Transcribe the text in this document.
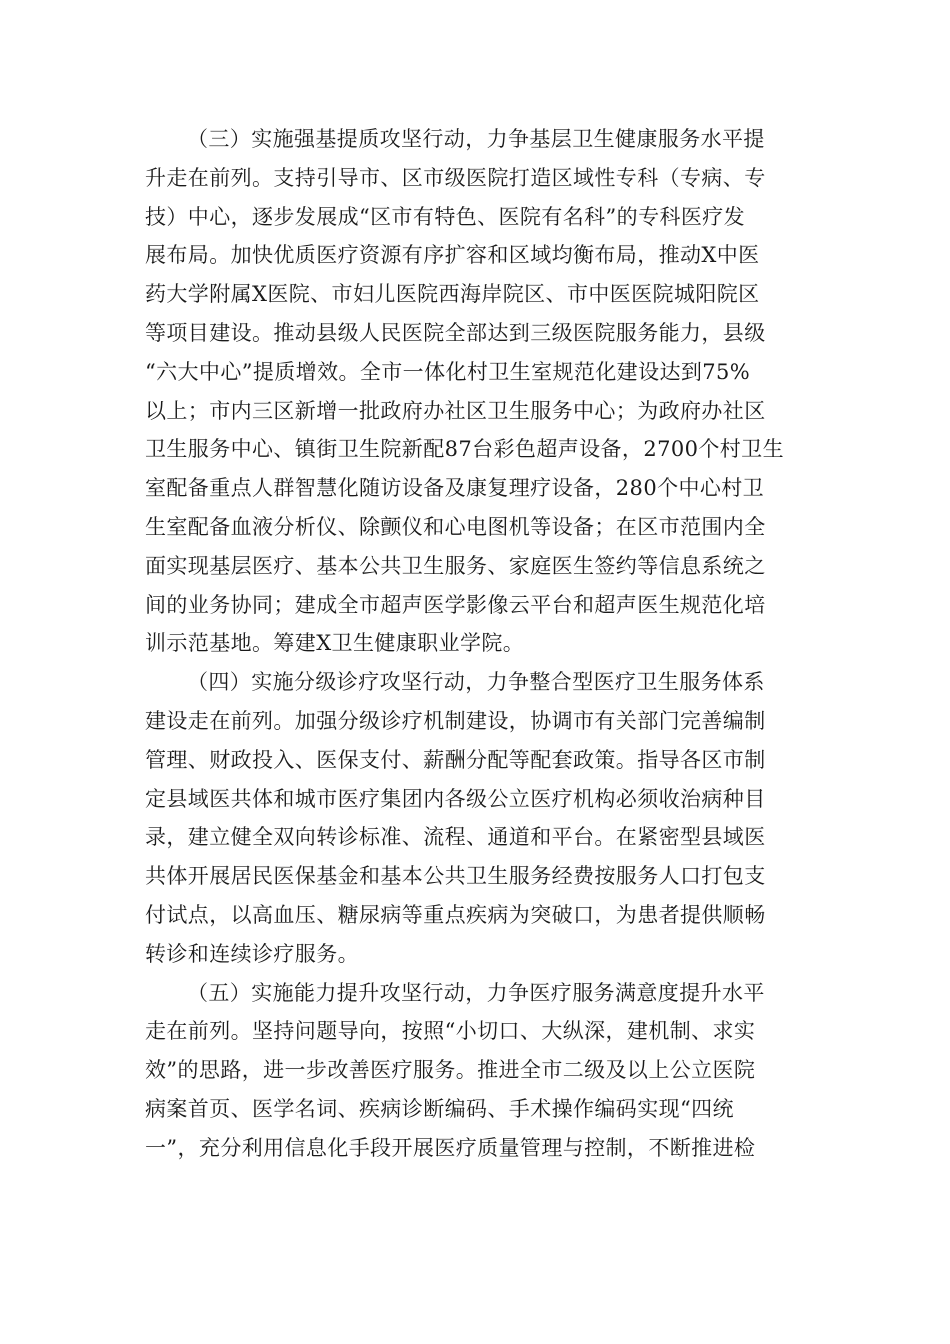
（三）实施强基提质攻坚行动，力争基层卫生健康服务水平提
升走在前列。支持引导市、区市级医院打造区域性专科（专病、专
技）中心，逐步发展成“区市有特色、医院有名科”的专科医疗发
展布局。加快优质医疗资源有序扩容和区域均衡布局，推动X中医
药大学附属X医院、市妇儿医院西海岸院区、市中医医院城阳院区
等项目建设。推动县级人民医院全部达到三级医院服务能力，县级
“六大中心”提质增效。全市一体化村卫生室规范化建设达到75%
以上；市内三区新增一批政府办社区卫生服务中心；为政府办社区
卫生服务中心、镇街卫生院新配87台彩色超声设备，2700个村卫生
室配备重点人群智慧化随访设备及康复理疗设备，280个中心村卫
生室配备血液分析仪、除颤仪和心电图机等设备；在区市范围内全
面实现基层医疗、基本公共卫生服务、家庭医生签约等信息系统之
间的业务协同；建成全市超声医学影像云平台和超声医生规范化培
训示范基地。筹建X卫生健康职业学院。
（四）实施分级诊疗攻坚行动，力争整合型医疗卫生服务体系
建设走在前列。加强分级诊疗机制建设，协调市有关部门完善编制
管理、财政投入、医保支付、薪酬分配等配套政策。指导各区市制
定县域医共体和城市医疗集团内各级公立医疗机构必须收治病种目
录，建立健全双向转诊标准、流程、通道和平台。在紧密型县域医
共体开展居民医保基金和基本公共卫生服务经费按服务人口打包支
付试点，以高血压、糖尿病等重点疾病为突破口，为患者提供顺畅
转诊和连续诊疗服务。
（五）实施能力提升攻坚行动，力争医疗服务满意度提升水平
走在前列。坚持问题导向，按照“小切口、大纵深，建机制、求实
效”的思路，进一步改善医疗服务。推进全市二级及以上公立医院
病案首页、医学名词、疾病诊断编码、手术操作编码实现“四统
一”，充分利用信息化手段开展医疗质量管理与控制，不断推进检
